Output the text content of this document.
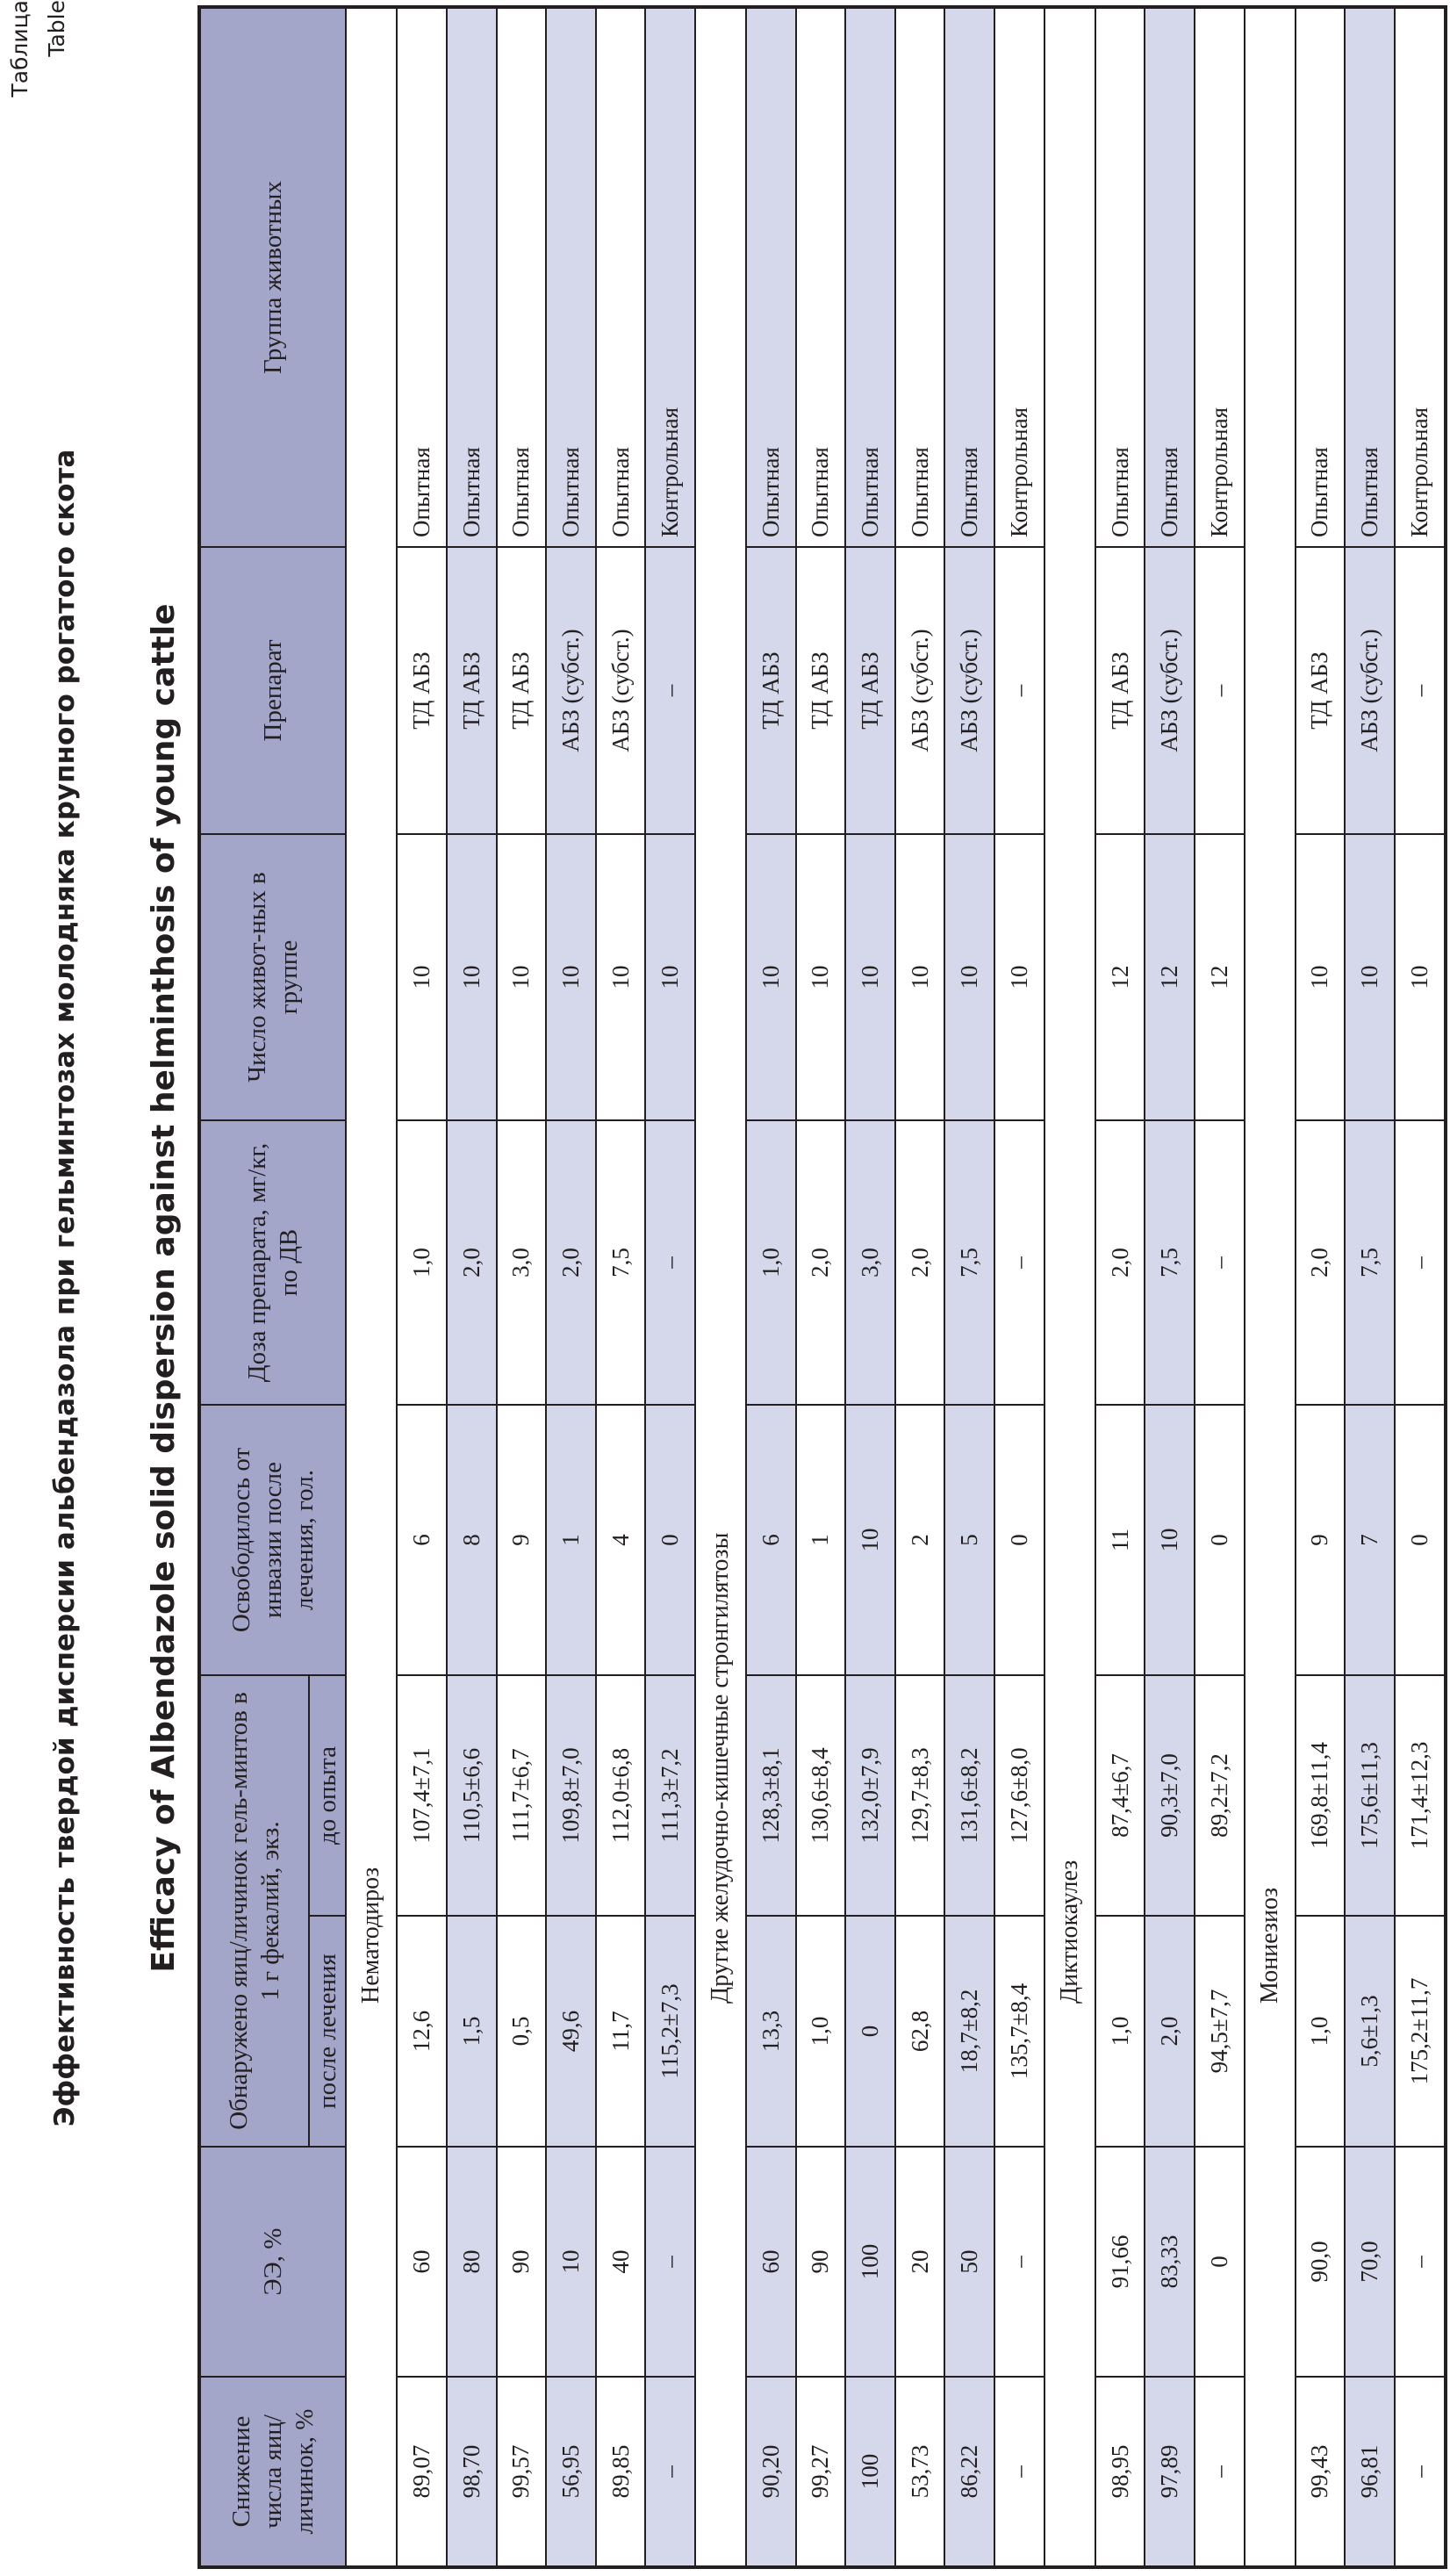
Таблица Table
Эффективность твердой дисперсии альбендазола при гельминтозах молодняка крупного рогатого скота Efficacy of Albendazole solid dispersion against helminthosis of young cattle
Снижение числа яиц/ личинок, %	ЭЭ, %	Обнаружено яиц/личинок гель-минтов в 1 г фекалий, экз.		Освободилось от инвазии после лечения, гол.	Доза препарата, мг/кг, по ДВ	Число живот-ных в группе	Препарат	Группа животных
		после лечения	до опыта					
Нематодироз								
89,07	60	12,6	107,4±7,1	6	1,0	10	ТД АБЗ	Опытная
98,70	80	1,5	110,5±6,6	8	2,0	10	ТД АБЗ	Опытная
99,57	90	0,5	111,7±6,7	9	3,0	10	ТД АБЗ	Опытная
56,95	10	49,6	109,8±7,0	1	2,0	10	АБЗ (субст.)	Опытная
89,85	40	11,7	112,0±6,8	4	7,5	10	АБЗ (субст.)	Опытная
–	–	115,2±7,3	111,3±7,2	0	–	10	–	Контрольная
Другие желудочно-кишечные стронгилятозы								
90,20	60	13,3	128,3±8,1	6	1,0	10	ТД АБЗ	Опытная
99,27	90	1,0	130,6±8,4	1	2,0	10	ТД АБЗ	Опытная
100	100	0	132,0±7,9	10	3,0	10	ТД АБЗ	Опытная
53,73	20	62,8	129,7±8,3	2	2,0	10	АБЗ (субст.)	Опытная
86,22	50	18,7±8,2	131,6±8,2	5	7,5	10	АБЗ (субст.)	Опытная
–	–	135,7±8,4	127,6±8,0	0	–	10	–	Контрольная
Диктиокаулез								
98,95	91,66	1,0	87,4±6,7	11	2,0	12	ТД АБЗ	Опытная
97,89	83,33	2,0	90,3±7,0	10	7,5	12	АБЗ (субст.)	Опытная
–	0	94,5±7,7	89,2±7,2	0	–	12	–	Контрольная
Мониезиоз								
99,43	90,0	1,0	169,8±11,4	9	2,0	10	ТД АБЗ	Опытная
96,81	70,0	5,6±1,3	175,6±11,3	7	7,5	10	АБЗ (субст.)	Опытная
–	–	175,2±11,7	171,4±12,3	0	–	10	–	Контрольная
